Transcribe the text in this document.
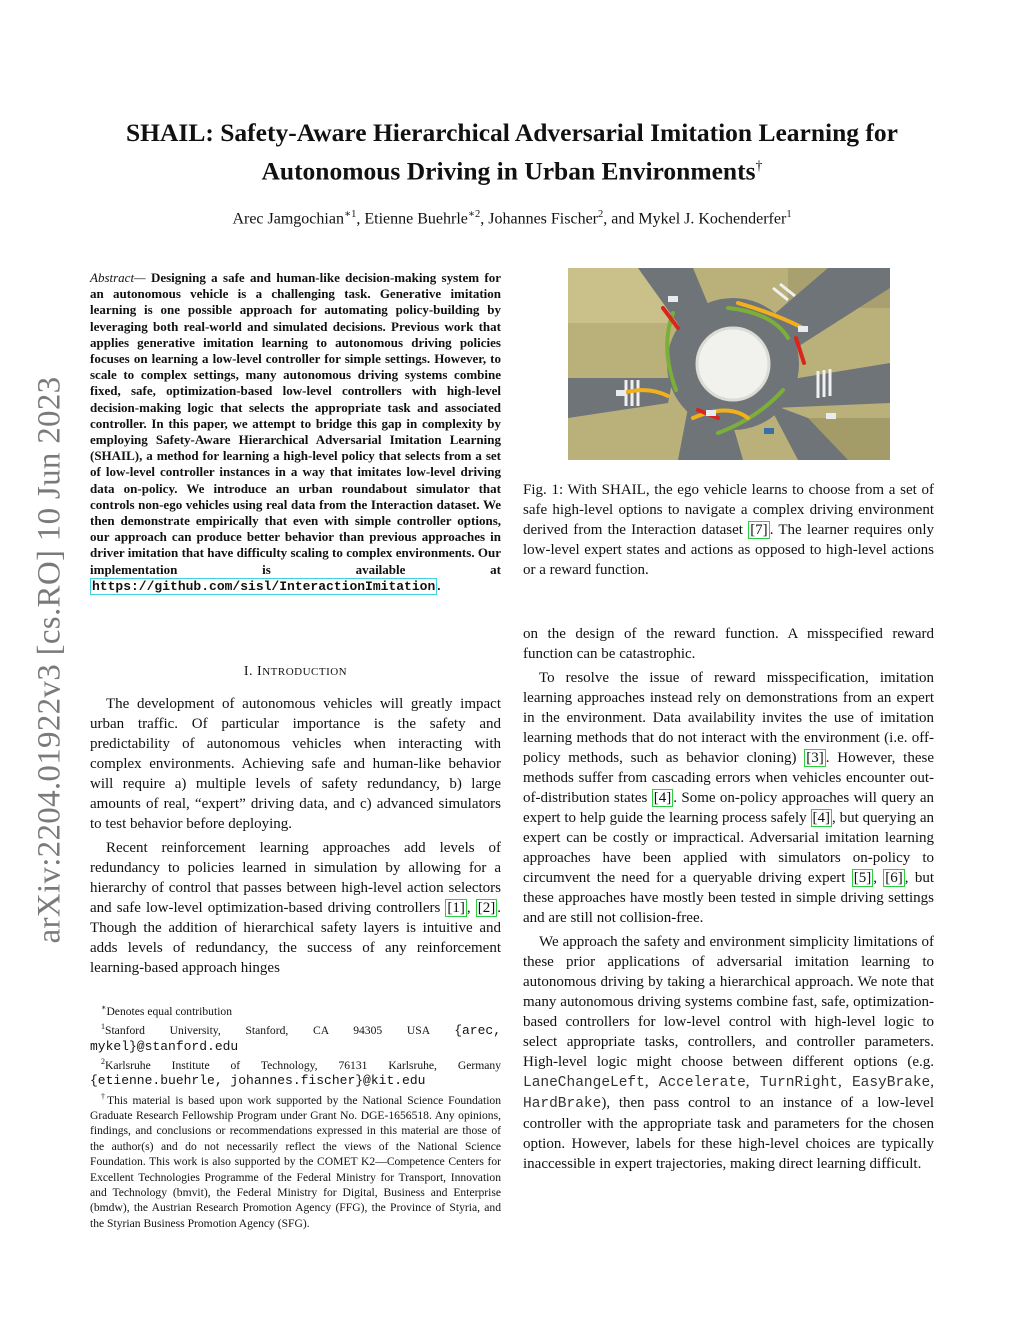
arXiv:2204.01922v3 [cs.RO] 10 Jun 2023
SHAIL: Safety-Aware Hierarchical Adversarial Imitation Learning for
Autonomous Driving in Urban Environments†
Arec Jamgochian$^{∗1}$, Etienne Buehrle$^{∗2}$, Johannes Fischer$^2$, and Mykel J. Kochenderfer$^1$
Abstract— Designing a safe and human-like decision-making system for an autonomous vehicle is a challenging task. Generative imitation learning is one possible approach for automating policy-building by leveraging both real-world and simulated decisions. Previous work that applies generative imitation learning to autonomous driving policies focuses on learning a low-level controller for simple settings. However, to scale to complex settings, many autonomous driving systems combine fixed, safe, optimization-based low-level controllers with high-level decision-making logic that selects the appropriate task and associated controller. In this paper, we attempt to bridge this gap in complexity by employing Safety-Aware Hierarchical Adversarial Imitation Learning (SHAIL), a method for learning a high-level policy that selects from a set of low-level controller instances in a way that imitates low-level driving data on-policy. We introduce an urban roundabout simulator that controls non-ego vehicles using real data from the Interaction dataset. We then demonstrate empirically that even with simple controller options, our approach can produce better behavior than previous approaches in driver imitation that have difficulty scaling to complex environments. Our implementation is available at https://github.com/sisl/InteractionImitation .
I. INTRODUCTION

The development of autonomous vehicles will greatly impact urban traffic. Of particular importance is the safety and predictability of autonomous vehicles when interacting with complex environments. Achieving safe and human-like behavior will require a) multiple levels of safety redundancy, b) large amounts of real, “expert” driving data, and c) advanced simulators to test behavior before deploying.

Recent reinforcement learning approaches add levels of redundancy to policies learned in simulation by allowing for a hierarchy of control that passes between high-level action selectors and safe low-level optimization-based driving controllers [1] , [2] . Though the addition of hierarchical safety layers is intuitive and adds levels of redundancy, the success of any reinforcement learning-based approach hinges

∗Denotes equal contribution

$^1$Stanford University, Stanford, CA 94305 USA {arec, mykel}@stanford.edu

$^2$Karlsruhe Institute of Technology, 76131 Karlsruhe, Germany {etienne.buehrle, johannes.fischer}@kit.edu

†This material is based upon work supported by the National Science Foundation Graduate Research Fellowship Program under Grant No. DGE-1656518. Any opinions, findings, and conclusions or recommendations expressed in this material are those of the author(s) and do not necessarily reflect the views of the National Science Foundation. This work is also supported by the COMET K2—Competence Centers for Excellent Technologies Programme of the Federal Ministry for Transport, Innovation and Technology (bmvit), the Federal Ministry for Digital, Business and Enterprise (bmdw), the Austrian Research Promotion Agency (FFG), the Province of Styria, and the Styrian Business Promotion Agency (SFG).

Fig. 1: With SHAIL, the ego vehicle learns to choose from a set of safe high-level options to navigate a complex driving environment derived from the Interaction dataset [7] . The learner requires only low-level expert states and actions as opposed to high-level actions or a reward function.

on the design of the reward function. A misspecified reward function can be catastrophic.

To resolve the issue of reward misspecification, imitation learning approaches instead rely on demonstrations from an expert in the environment. Data availability invites the use of imitation learning methods that do not interact with the environment (i.e. off-policy methods, such as behavior cloning) [3] . However, these methods suffer from cascading errors when vehicles encounter out-of-distribution states [4] . Some on-policy approaches will query an expert to help guide the learning process safely [4] , but querying an expert can be costly or impractical. Adversarial imitation learning approaches have been applied with simulators on-policy to circumvent the need for a queryable driving expert [5] , [6] , but these approaches have mostly been tested in simple driving settings and are still not collision-free.

We approach the safety and environment simplicity limitations of these prior applications of adversarial imitation learning to autonomous driving by taking a hierarchical approach. We note that many autonomous driving systems combine fast, safe, optimization-based controllers for low-level control with high-level logic to select appropriate tasks, controllers, and controller parameters. High-level logic might choose between different options (e.g. LaneChangeLeft, Accelerate, TurnRight, EasyBrake, HardBrake), then pass control to an instance of a low-level controller with the appropriate task and parameters for the chosen option. However, labels for these high-level choices are typically inaccessible in expert trajectories, making direct learning difficult.
